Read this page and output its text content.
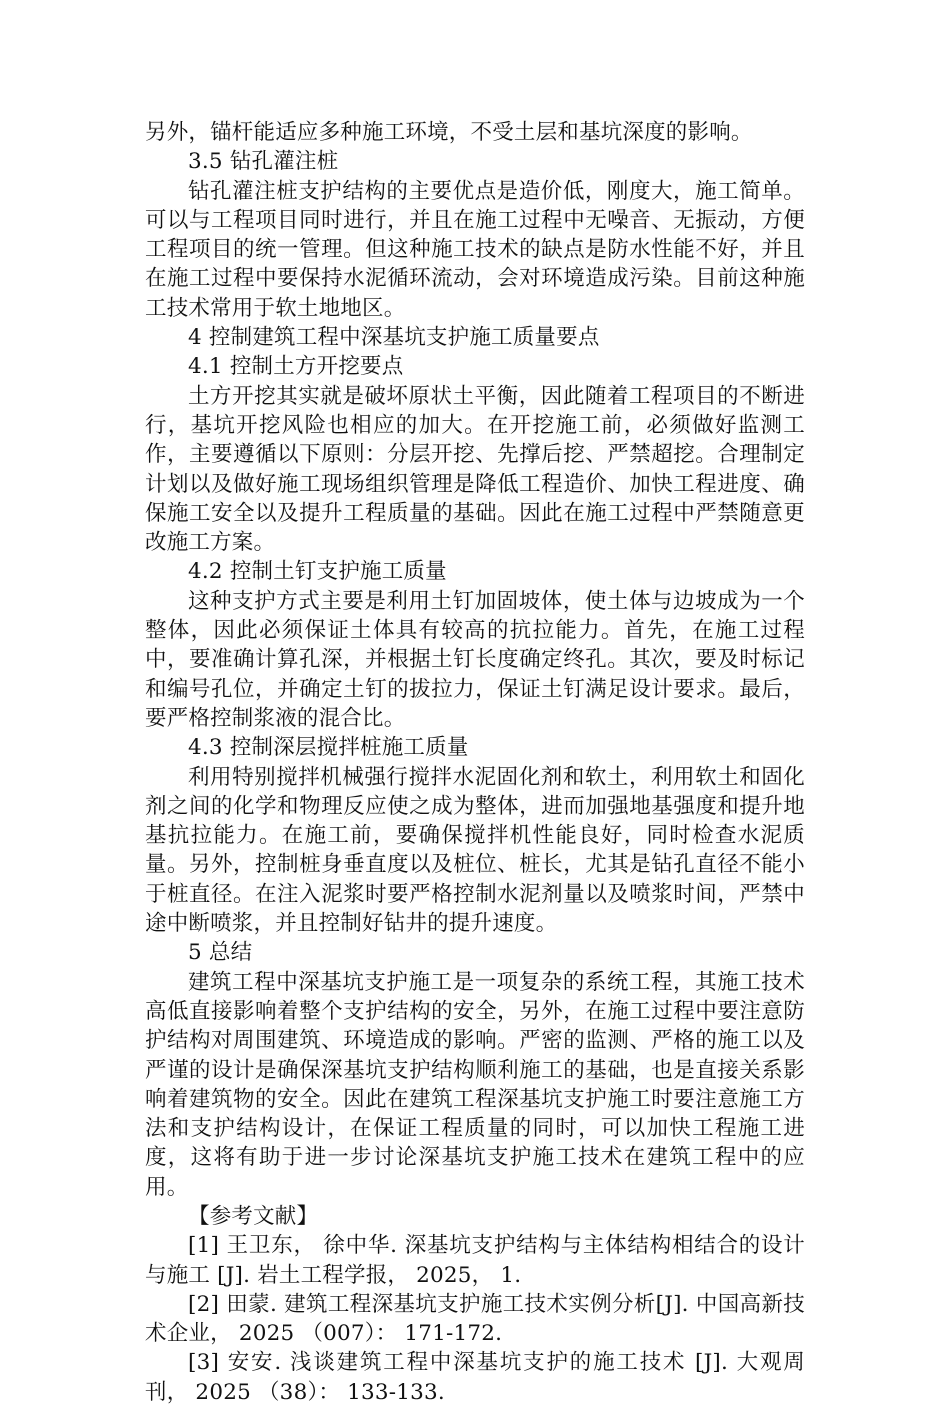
另外，锚杆能适应多种施工环境，不受土层和基坑深度的影响。

3.5 钻孔灌注桩

钻孔灌注桩支护结构的主要优点是造价低，刚度大，施工简单。可以与工程项目同时进行，并且在施工过程中无噪音、无振动，方便工程项目的统一管理。但这种施工技术的缺点是防水性能不好，并且在施工过程中要保持水泥循环流动，会对环境造成污染。目前这种施工技术常用于软土地地区。

4 控制建筑工程中深基坑支护施工质量要点

4.1 控制土方开挖要点

土方开挖其实就是破坏原状土平衡，因此随着工程项目的不断进行，基坑开挖风险也相应的加大。在开挖施工前，必须做好监测工作，主要遵循以下原则：分层开挖、先撑后挖、严禁超挖。合理制定计划以及做好施工现场组织管理是降低工程造价、加快工程进度、确保施工安全以及提升工程质量的基础。因此在施工过程中严禁随意更改施工方案。

4.2 控制土钉支护施工质量

这种支护方式主要是利用土钉加固坡体，使土体与边坡成为一个整体，因此必须保证土体具有较高的抗拉能力。首先，在施工过程中，要准确计算孔深，并根据土钉长度确定终孔。其次，要及时标记和编号孔位，并确定土钉的拔拉力，保证土钉满足设计要求。最后，要严格控制浆液的混合比。

4.3 控制深层搅拌桩施工质量

利用特别搅拌机械强行搅拌水泥固化剂和软土，利用软土和固化剂之间的化学和物理反应使之成为整体，进而加强地基强度和提升地基抗拉能力。在施工前，要确保搅拌机性能良好，同时检查水泥质量。另外，控制桩身垂直度以及桩位、桩长，尤其是钻孔直径不能小于桩直径。在注入泥浆时要严格控制水泥剂量以及喷浆时间，严禁中途中断喷浆，并且控制好钻井的提升速度。

5 总结

建筑工程中深基坑支护施工是一项复杂的系统工程，其施工技术高低直接影响着整个支护结构的安全，另外，在施工过程中要注意防护结构对周围建筑、环境造成的影响。严密的监测、严格的施工以及严谨的设计是确保深基坑支护结构顺利施工的基础，也是直接关系影响着建筑物的安全。因此在建筑工程深基坑支护施工时要注意施工方法和支护结构设计，在保证工程质量的同时，可以加快工程施工进度，这将有助于进一步讨论深基坑支护施工技术在建筑工程中的应用。

【参考文献】

[1] 王卫东， 徐中华. 深基坑支护结构与主体结构相结合的设计与施工 [J]. 岩土工程学报， 2025， 1.

[2] 田蒙. 建筑工程深基坑支护施工技术实例分析[J]. 中国高新技术企业， 2025 （007）： 171-172.

[3] 安安. 浅谈建筑工程中深基坑支护的施工技术 [J]. 大观周刊， 2025 （38）： 133-133.
